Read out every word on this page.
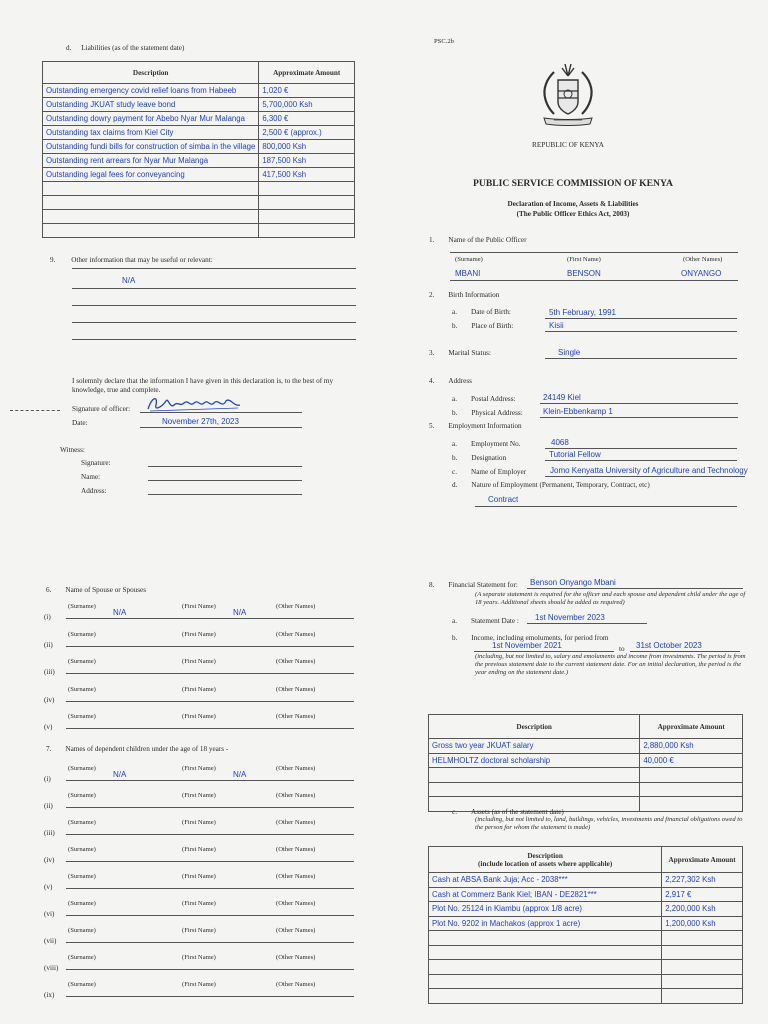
d. Liabilities (as of the statement date)
Description	Approximate Amount
Outstanding emergency covid relief loans from Habeeb	1,020 €
Outstanding JKUAT study leave bond	5,700,000 Ksh
Outstanding dowry payment for Abebo Nyar Mur Malanga	6,300 €
Outstanding tax claims from Kiel City	2,500 € (approx.)
Outstanding fundi bills for construction of simba in the village	800,000 Ksh
Outstanding rent arrears for Nyar Mur Malanga	187,500 Ksh
Outstanding legal fees for conveyancing	417,500 Ksh

9. Other information that may be useful or relevant:
N/A
I solemnly declare that the information I have given in this declaration is, to the best of my knowledge, true and complete.
Signature of officer:
Date:	November 27th, 2023
Witness:
Signature:
Name:
Address:
PSC.2b
REPUBLIC OF KENYA
PUBLIC SERVICE COMMISSION OF KENYA
Declaration of Income, Assets & Liabilities
(The Public Officer Ethics Act, 2003)
1. Name of the Public Officer
(Surname)	(First Name)	(Other Names)
MBANI	BENSON	ONYANGO
2. Birth Information
a. Date of Birth:	5th February, 1991
b. Place of Birth:	Kisii
3. Marital Status:	Single
4. Address
a. Postal Address:	24149 Kiel
b. Physical Address:	Klein-Ebbenkamp 1
5. Employment Information
a. Employment No.	4068
b. Designation	Tutorial Fellow
c. Name of Employer	Jomo Kenyatta University of Agriculture and Technology
d. Nature of Employment (Permanent, Temporary, Contract, etc)
Contract
6. Name of Spouse or Spouses
(i)
(Surname)	(First Name)	(Other Names)
N/A	N/A
(ii)
(Surname)	(First Name)	(Other Names)
(iii)
(Surname)	(First Name)	(Other Names)
(iv)
(Surname)	(First Name)	(Other Names)
(v)
(Surname)	(First Name)	(Other Names)
7. Names of dependent children under the age of 18 years -
(i)
(Surname)	(First Name)	(Other Names)
N/A	N/A
(ii)
(Surname)	(First Name)	(Other Names)
(iii)
(Surname)	(First Name)	(Other Names)
(iv)
(Surname)	(First Name)	(Other Names)
(v)
(Surname)	(First Name)	(Other Names)
(vi)
(Surname)	(First Name)	(Other Names)
(vii)
(Surname)	(First Name)	(Other Names)
(viii)
(Surname)	(First Name)	(Other Names)
(ix)
(Surname)	(First Name)	(Other Names)
8. Financial Statement for: Benson Onyango Mbani
(A separate statement is required for the officer and each spouse and dependent child under the age of 18 years. Additional sheets should be added as required)
a. Statement Date : 1st November 2023
b. Income, including emoluments, for period from
1st November 2021	to 31st October 2023
(including, but not limited to, salary and emoluments and income from investments. The period is from the previous statement date to the current statement date. For an initial declaration, the period is the year ending on the statement date.)
Description	Approximate Amount
Gross two year JKUAT salary	2,880,000 Ksh
HELMHOLTZ doctoral scholarship	40,000 €

c. Assets (as of the statement date)
(including, but not limited to, land, buildings, vehicles, investments and financial obligations owed to the person for whom the statement is made)
Description
(include location of assets where applicable)	Approximate Amount
Cash at ABSA Bank Juja; Acc - 2038***	2,227,302 Ksh
Cash at Commerz Bank Kiel; IBAN - DE2821***	2,917 €
Plot No. 25124 in Kiambu (approx 1/8 acre)	2,200,000 Ksh
Plot No. 9202 in Machakos (approx 1 acre)	1,200,000 Ksh
